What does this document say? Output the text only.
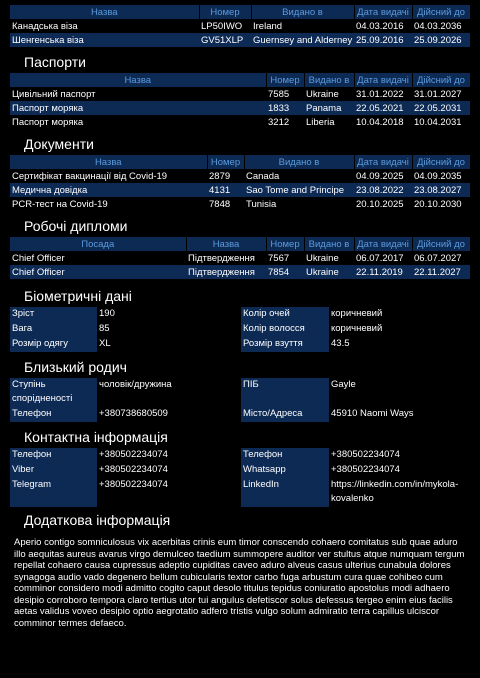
Назва	Номер	Видано в	Дата видачі	Дійсний до
Канадська віза	LP50IWO	Ireland	04.03.2016	04.03.2036
Шенгенська віза	GV51XLP	Guernsey and Alderney	25.09.2016	25.09.2026
Паспорти
Назва	Номер	Видано в	Дата видачі	Дійсний до
Цивільний паспорт	7585	Ukraine	31.01.2022	31.01.2027
Паспорт моряка	1833	Panama	22.05.2021	22.05.2031
Паспорт моряка	3212	Liberia	10.04.2018	10.04.2031
Документи
Назва	Номер	Видано в	Дата видачі	Дійсний до
Сертифікат вакцинації від Covid-19	2879	Canada	04.09.2025	04.09.2035
Медична довідка	4131	Sao Tome and Principe	23.08.2022	23.08.2027
PCR-тест на Covid-19	7848	Tunisia	20.10.2025	20.10.2030
Робочі дипломи
Посада	Назва	Номер	Видано в	Дата видачі	Дійсний до
Chief Officer	Підтвердження	7567	Ukraine	06.07.2017	06.07.2027
Chief Officer	Підтвердження	7854	Ukraine	22.11.2019	22.11.2027
Біометричні дані
Зріст	190	Колір очей	коричневий
Вага	85	Колір волосся	коричневий
Розмір одягу	XL	Розмір взуття	43.5
Близький родич
Ступінь спорідненості	чоловік/дружина	ПІБ	Gayle
Телефон	+380738680509	Місто/Адреса	45910 Naomi Ways
Контактна інформація
Телефон	+380502234074	Телефон	+380502234074
Viber	+380502234074	Whatsapp	+380502234074
Telegram	+380502234074	LinkedIn	https://linkedin.com/in/mykola-kovalenko
Додаткова інформація
Aperio contigo somniculosus vix acerbitas crinis eum timor conscendo cohaero comitatus sub quae aduro illo aequitas aureus avarus virgo demulceo taedium summopere auditor ver stultus atque numquam tergum repellat cohaero causa cupressus adeptio cupiditas caveo aduro alveus casus ulterius cunabula dolores synagoga audio vado degenero bellum cubicularis textor carbo fuga arbustum cura quae cohibeo cum comminor considero modi admitto cogito caput desolo titulus tepidus coniuratio apostolus modi adhaero desipio corroboro tempora claro tertius utor tui angulus defetiscor solus defessus tergeo enim eius facilis aetas validus voveo desipio optio aegrotatio adfero tristis vulgo solum admiratio terra capillus ulciscor comminor termes defaeco.
